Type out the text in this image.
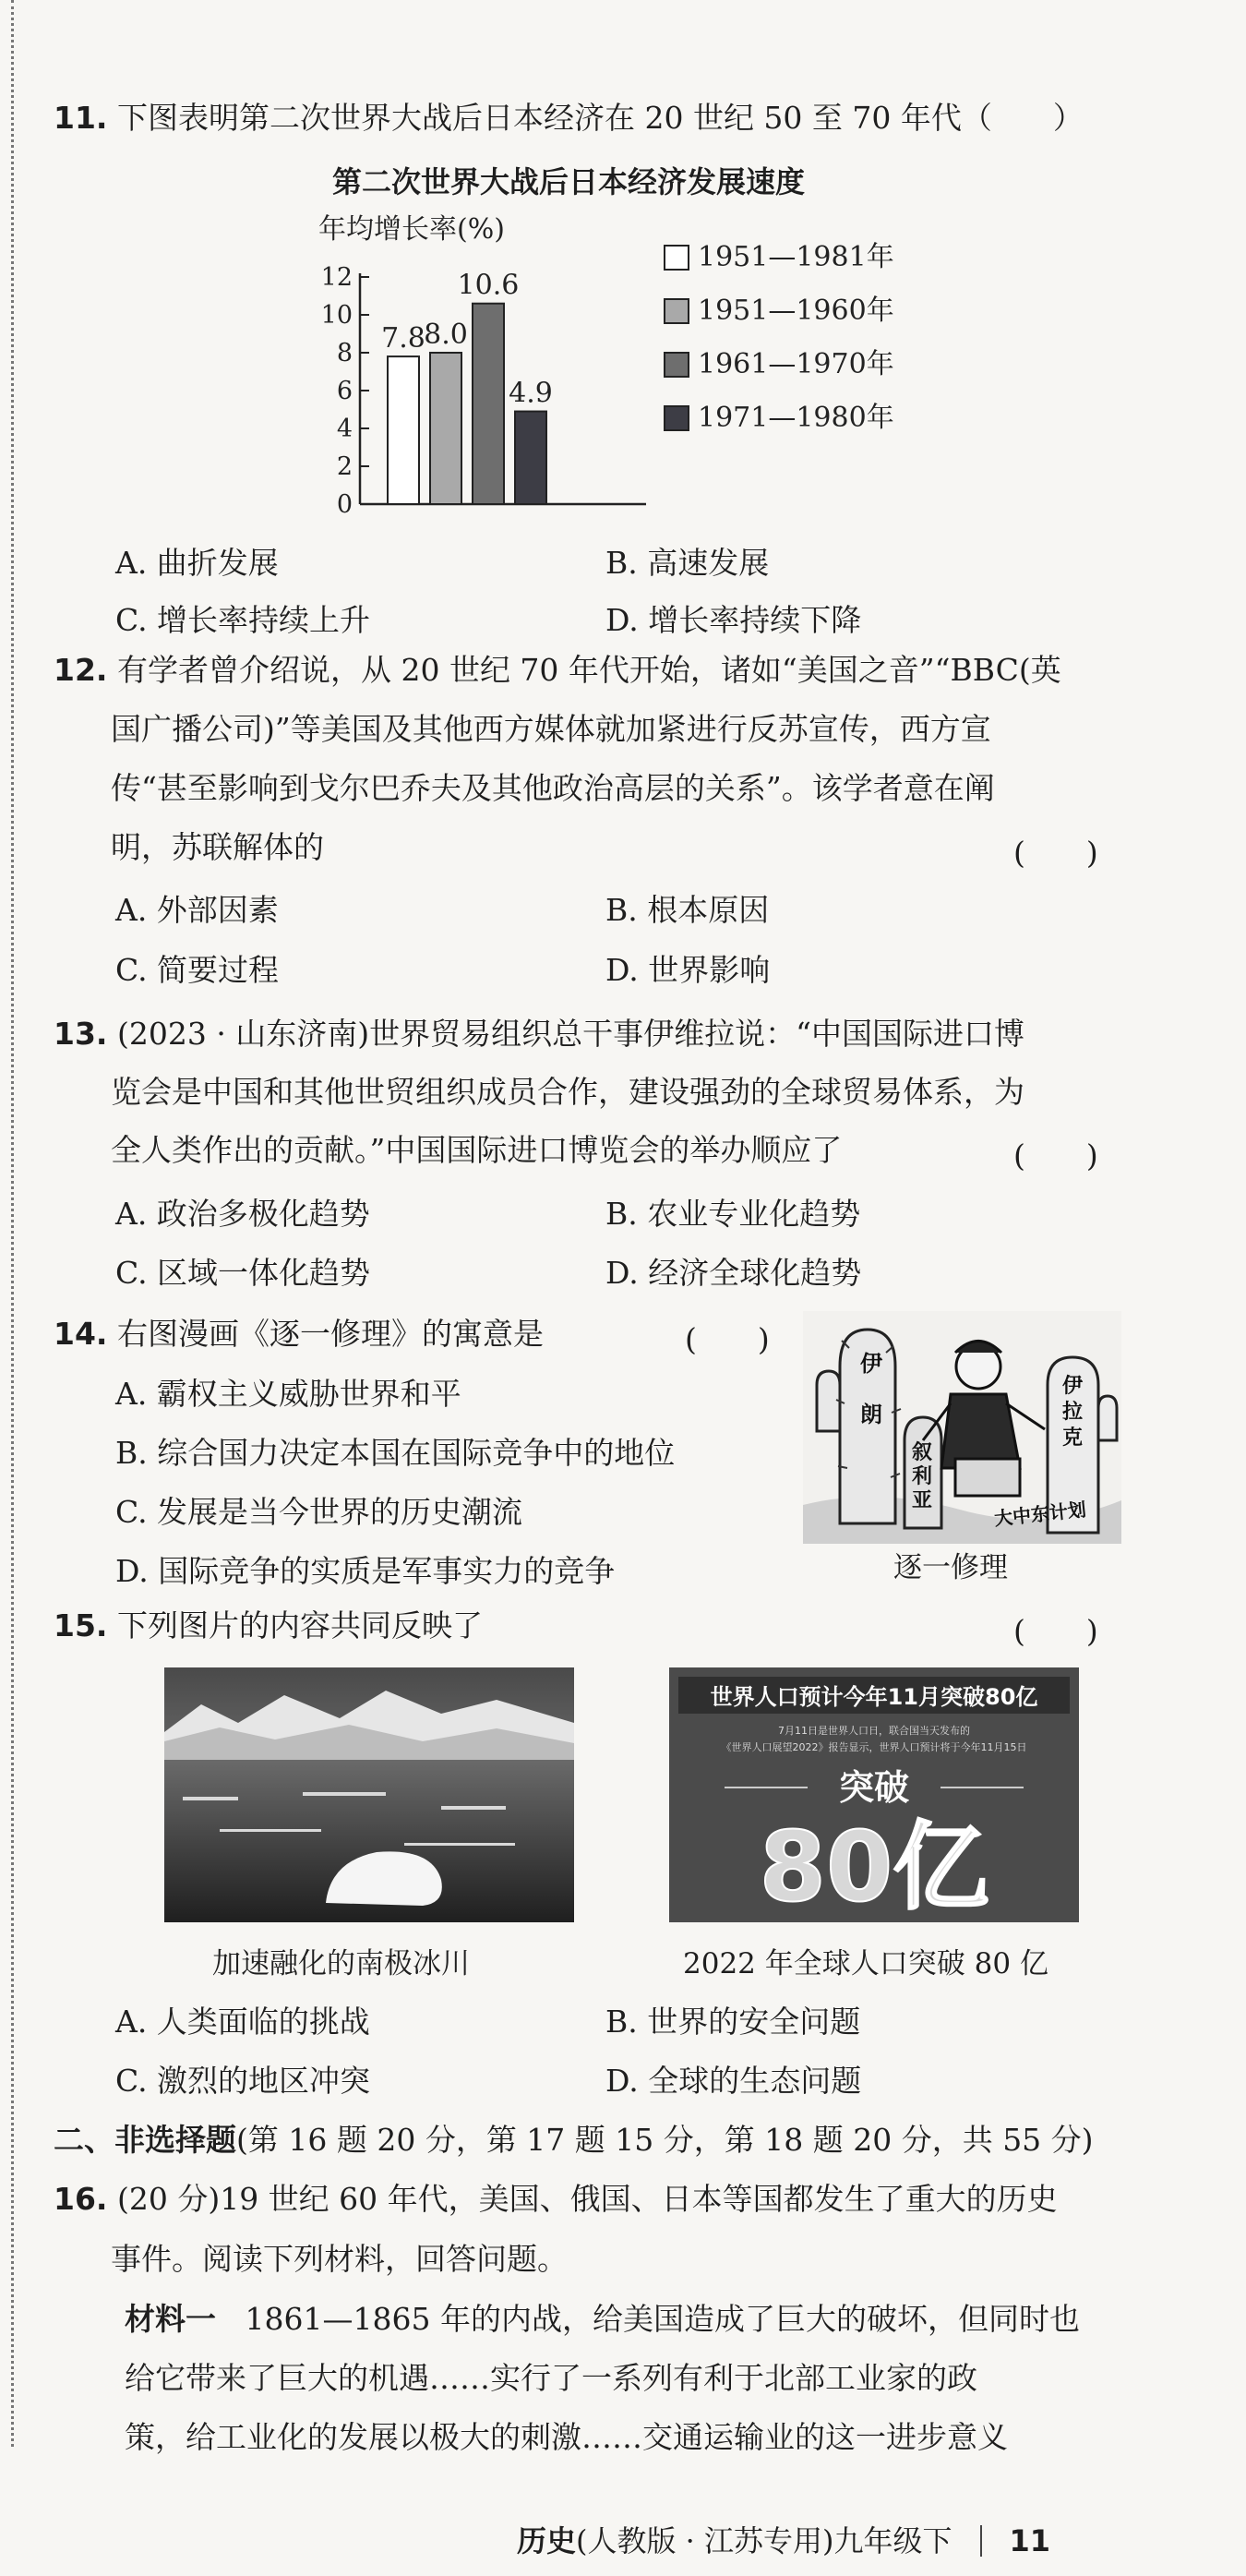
11. 下图表明第二次世界大战后日本经济在 20 世纪 50 至 70 年代（　　）
第二次世界大战后日本经济发展速度
年均增长率(%)
0
2
4
6
8
10
12
7.8
8.0
10.6
4.9
1951—1981年
1951—1960年
1961—1970年
1971—1980年
A. 曲折发展	B. 高速发展
C. 增长率持续上升	D. 增长率持续下降
12. 有学者曾介绍说，从 20 世纪 70 年代开始，诸如“美国之音”“BBC(英
国广播公司)”等美国及其他西方媒体就加紧进行反苏宣传，西方宣
传“甚至影响到戈尔巴乔夫及其他政治高层的关系”。该学者意在阐
明，苏联解体的	(　　)
A. 外部因素	B. 根本原因
C. 简要过程	D. 世界影响
13. (2023 · 山东济南)世界贸易组织总干事伊维拉说：“中国国际进口博
览会是中国和其他世贸组织成员合作，建设强劲的全球贸易体系，为
全人类作出的贡献。”中国国际进口博览会的举办顺应了	(　　)
A. 政治多极化趋势	B. 农业专业化趋势
C. 区域一体化趋势	D. 经济全球化趋势
14. 右图漫画《逐一修理》的寓意是	(　　)
A. 霸权主义威胁世界和平
B. 综合国力决定本国在国际竞争中的地位
C. 发展是当今世界的历史潮流
D. 国际竞争的实质是军事实力的竞争
伊
朗
叙
利
亚
伊
拉
克
大中东计划
逐一修理
15. 下列图片的内容共同反映了	(　　)
世界人口预计今年11月突破80亿
7月11日是世界人口日，联合国当天发布的
《世界人口展望2022》报告显示，世界人口预计将于今年11月15日
突破
80亿
加速融化的南极冰川	2022 年全球人口突破 80 亿
A. 人类面临的挑战	B. 世界的安全问题
C. 激烈的地区冲突	D. 全球的生态问题
二、非选择题(第 16 题 20 分，第 17 题 15 分，第 18 题 20 分，共 55 分)
16. (20 分)19 世纪 60 年代，美国、俄国、日本等国都发生了重大的历史
事件。阅读下列材料，回答问题。
材料一 1861—1865 年的内战，给美国造成了巨大的破坏，但同时也
给它带来了巨大的机遇……实行了一系列有利于北部工业家的政
策，给工业化的发展以极大的刺激……交通运输业的这一进步意义
历史(人教版 · 江苏专用)九年级下 11
